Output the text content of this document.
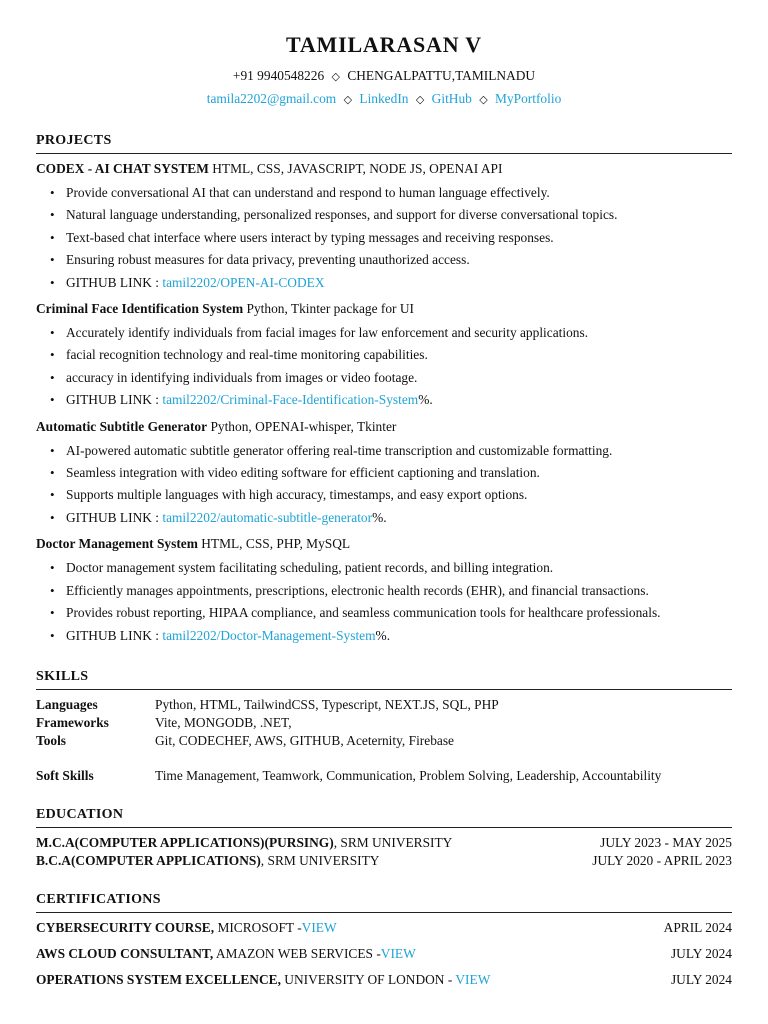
TAMILARASAN V
+91 9940548226 ◇ CHENGALPATTU,TAMILNADU
tamila2202@gmail.com ◇ LinkedIn ◇ GitHub ◇ MyPortfolio
PROJECTS
CODEX - AI CHAT SYSTEM HTML, CSS, JAVASCRIPT, NODE JS, OPENAI API
• Provide conversational AI that can understand and respond to human language effectively.
• Natural language understanding, personalized responses, and support for diverse conversational topics.
• Text-based chat interface where users interact by typing messages and receiving responses.
• Ensuring robust measures for data privacy, preventing unauthorized access.
• GITHUB LINK : tamil2202/OPEN-AI-CODEX
Criminal Face Identification System Python, Tkinter package for UI
• Accurately identify individuals from facial images for law enforcement and security applications.
• facial recognition technology and real-time monitoring capabilities.
• accuracy in identifying individuals from images or video footage.
• GITHUB LINK : tamil2202/Criminal-Face-Identification-System%.
Automatic Subtitle Generator Python, OPENAI-whisper, Tkinter
• AI-powered automatic subtitle generator offering real-time transcription and customizable formatting.
• Seamless integration with video editing software for efficient captioning and translation.
• Supports multiple languages with high accuracy, timestamps, and easy export options.
• GITHUB LINK : tamil2202/automatic-subtitle-generator%.
Doctor Management System HTML, CSS, PHP, MySQL
• Doctor management system facilitating scheduling, patient records, and billing integration.
• Efficiently manages appointments, prescriptions, electronic health records (EHR), and financial transactions.
• Provides robust reporting, HIPAA compliance, and seamless communication tools for healthcare professionals.
• GITHUB LINK : tamil2202/Doctor-Management-System%.
SKILLS
Languages	Python, HTML, TailwindCSS, Typescript, NEXT.JS, SQL, PHP
Frameworks	Vite, MONGODB, .NET,
Tools	Git, CODECHEF, AWS, GITHUB, Aceternity, Firebase
Soft Skills	Time Management, Teamwork, Communication, Problem Solving, Leadership, Accountability
EDUCATION
M.C.A(COMPUTER APPLICATIONS)(PURSING), SRM UNIVERSITY	JULY 2023 - MAY 2025
B.C.A(COMPUTER APPLICATIONS), SRM UNIVERSITY	JULY 2020 - APRIL 2023
CERTIFICATIONS
CYBERSECURITY COURSE, MICROSOFT -VIEW	APRIL 2024
AWS CLOUD CONSULTANT, AMAZON WEB SERVICES -VIEW	JULY 2024
OPERATIONS SYSTEM EXCELLENCE, UNIVERSITY OF LONDON - VIEW	JULY 2024
